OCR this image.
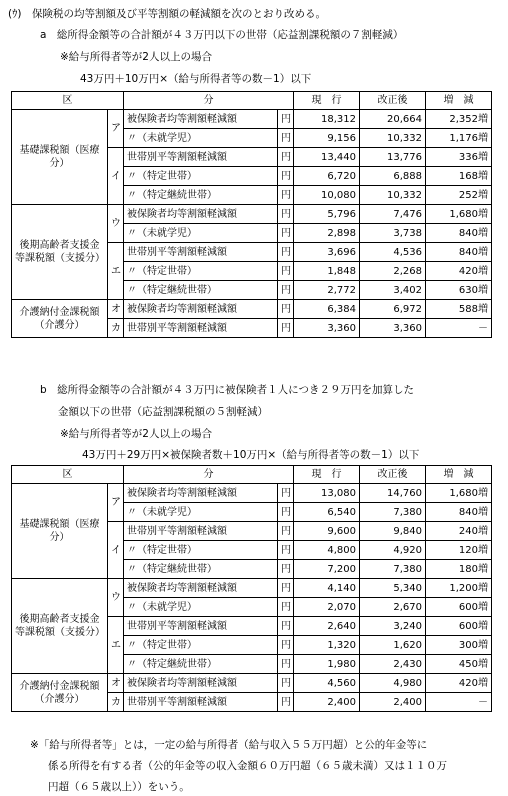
(ｳ)　保険税の均等割額及び平等割額の軽減額を次のとおり改める。
a　総所得金額等の合計額が４３万円以下の世帯（応益割課税額の７割軽減）
※給与所得者等が2人以上の場合
43万円＋10万円×（給与所得者等の数－1）以下
区		分		現　行	改正後	増　減
基礎課税額（医療分）	ア	被保険者均等割額軽減額	円	18,312	20,664	2,352増
		〃（未就学児）	円	9,156	10,332	1,176増
	イ	世帯別平等割額軽減額	円	13,440	13,776	336増
		〃（特定世帯）	円	6,720	6,888	168増
		〃（特定継続世帯）	円	10,080	10,332	252増
後期高齢者支援金等課税額（支援分）	ウ	被保険者均等割額軽減額	円	5,796	7,476	1,680増
		〃（未就学児）	円	2,898	3,738	840増
	エ	世帯別平等割額軽減額	円	3,696	4,536	840増
		〃（特定世帯）	円	1,848	2,268	420増
		〃（特定継続世帯）	円	2,772	3,402	630増
介護納付金課税額（介護分）	オ	被保険者均等割額軽減額	円	6,384	6,972	588増
	カ	世帯別平等割額軽減額	円	3,360	3,360	－
b　総所得金額等の合計額が４３万円に被保険者１人につき２９万円を加算した
金額以下の世帯（応益割課税額の５割軽減）
※給与所得者等が2人以上の場合
43万円＋29万円×被保険者数＋10万円×（給与所得者等の数－1）以下
区		分		現　行	改正後	増　減
基礎課税額（医療分）	ア	被保険者均等割額軽減額	円	13,080	14,760	1,680増
		〃（未就学児）	円	6,540	7,380	840増
	イ	世帯別平等割額軽減額	円	9,600	9,840	240増
		〃（特定世帯）	円	4,800	4,920	120増
		〃（特定継続世帯）	円	7,200	7,380	180増
後期高齢者支援金等課税額（支援分）	ウ	被保険者均等割額軽減額	円	4,140	5,340	1,200増
		〃（未就学児）	円	2,070	2,670	600増
	エ	世帯別平等割額軽減額	円	2,640	3,240	600増
		〃（特定世帯）	円	1,320	1,620	300増
		〃（特定継続世帯）	円	1,980	2,430	450増
介護納付金課税額（介護分）	オ	被保険者均等割額軽減額	円	4,560	4,980	420増
	カ	世帯別平等割額軽減額	円	2,400	2,400	－
※「給与所得者等」とは，一定の給与所得者（給与収入５５万円超）と公的年金等に
係る所得を有する者（公的年金等の収入金額６０万円超（６５歳未満）又は１１０万
円超（６５歳以上））をいう。
